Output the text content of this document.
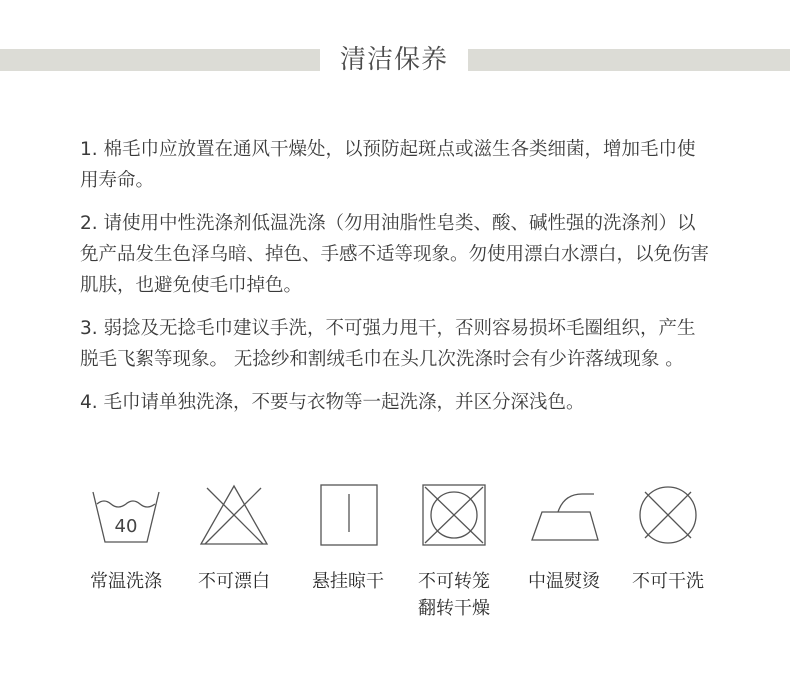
清洁保养

1. 棉毛巾应放置在通风干燥处，以预防起斑点或滋生各类细菌，增加毛巾使用寿命。

2. 请使用中性洗涤剂低温洗涤（勿用油脂性皂类、酸、碱性强的洗涤剂）以免产品发生色泽乌暗、掉色、手感不适等现象。勿使用漂白水漂白，以免伤害肌肤，也避免使毛巾掉色。

3. 弱捻及无捻毛巾建议手洗，不可强力甩干，否则容易损坏毛圈组织，产生脱毛飞絮等现象。 无捻纱和割绒毛巾在头几次洗涤时会有少许落绒现象 。

4. 毛巾请单独洗涤，不要与衣物等一起洗涤，并区分深浅色。

40
常温洗涤	不可漂白	悬挂晾干	不可转笼
翻转干燥
中温熨烫	不可干洗
